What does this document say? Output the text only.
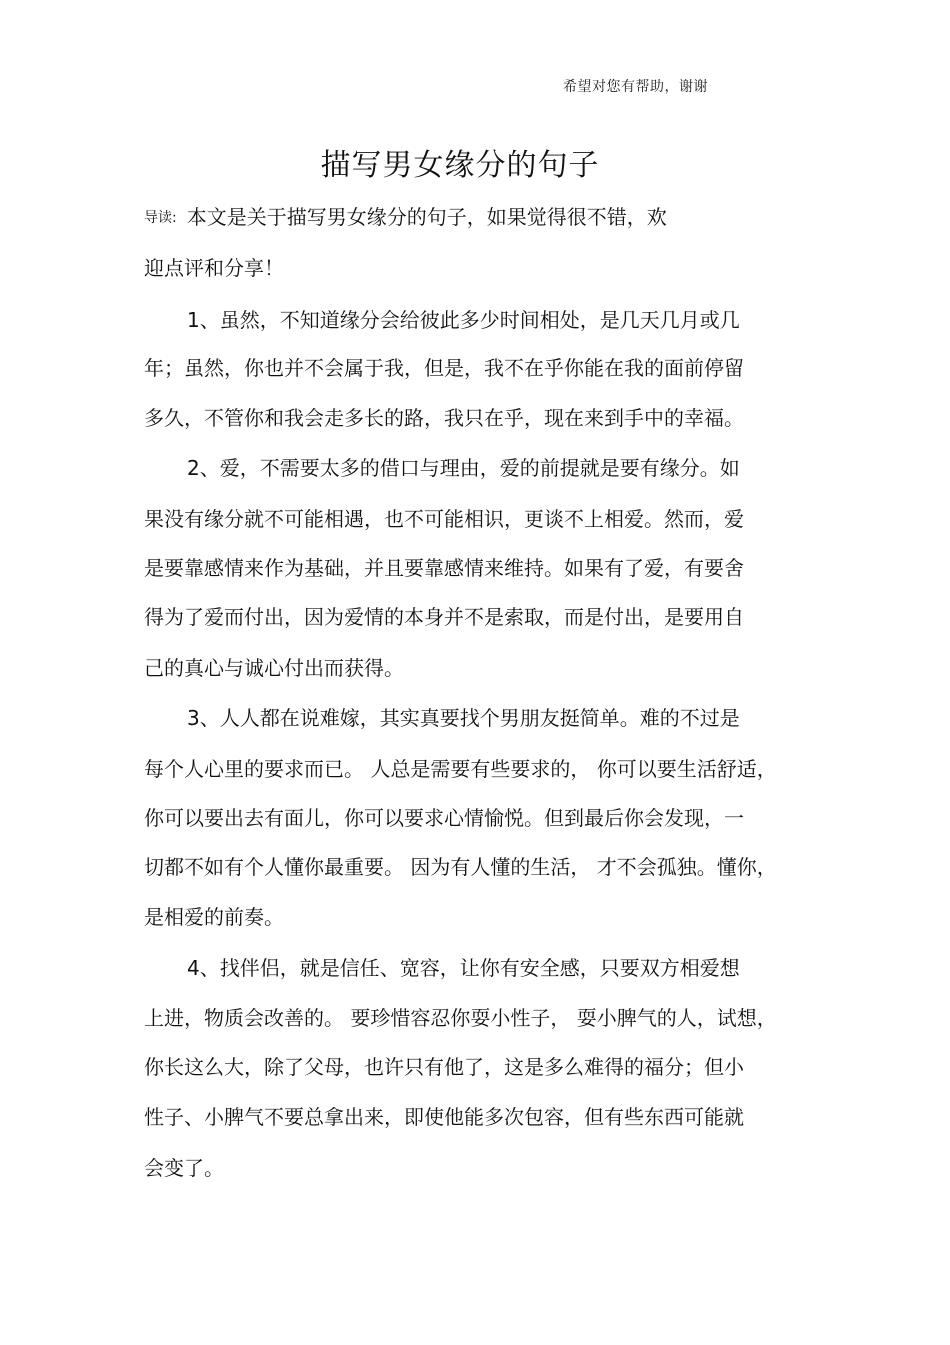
希望对您有帮助，谢谢
描写男女缘分的句子
导读: 本文是关于描写男女缘分的句子，如果觉得很不错，欢
迎点评和分享！
1、虽然，不知道缘分会给彼此多少时间相处，是几天几月或几
年；虽然，你也并不会属于我，但是，我不在乎你能在我的面前停留
多久，不管你和我会走多长的路，我只在乎，现在来到手中的幸福。
2、爱，不需要太多的借口与理由，爱的前提就是要有缘分。如
果没有缘分就不可能相遇，也不可能相识，更谈不上相爱。然而，爱
是要靠感情来作为基础，并且要靠感情来维持。如果有了爱，有要舍
得为了爱而付出，因为爱情的本身并不是索取，而是付出，是要用自
己的真心与诚心付出而获得。
3、人人都在说难嫁，其实真要找个男朋友挺简单。难的不过是
每个人心里的要求而已。 人总是需要有些要求的， 你可以要生活舒适，
你可以要出去有面儿，你可以要求心情愉悦。但到最后你会发现，一
切都不如有个人懂你最重要。 因为有人懂的生活， 才不会孤独。懂你，
是相爱的前奏。
4、找伴侣，就是信任、宽容，让你有安全感，只要双方相爱想
上进，物质会改善的。 要珍惜容忍你耍小性子， 耍小脾气的人，试想，
你长这么大，除了父母，也许只有他了，这是多么难得的福分；但小
性子、小脾气不要总拿出来，即使他能多次包容，但有些东西可能就
会变了。
